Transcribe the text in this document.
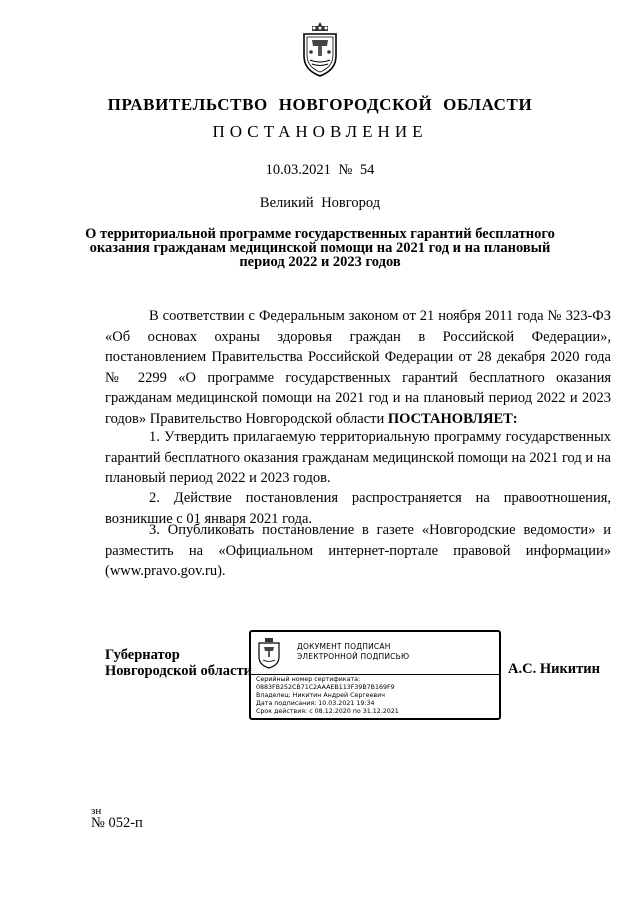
ПРАВИТЕЛЬСТВО НОВГОРОДСКОЙ ОБЛАСТИ
ПОСТАНОВЛЕНИЕ
10.03.2021 № 54
Великий Новгород
О территориальной программе государственных гарантий бесплатного
оказания гражданам медицинской помощи на 2021 год и на плановый
период 2022 и 2023 годов

В соответствии с Федеральным законом от 21 ноября 2011 года № 323-ФЗ «Об основах охраны здоровья граждан в Российской Федерации», постановлением Правительства Российской Федерации от 28 декабря 2020 года № 2299 «О программе государственных гарантий бесплатного оказания гражданам медицинской помощи на 2021 год и на плановый период 2022 и 2023 годов» Правительство Новгородской области ПОСТАНОВЛЯЕТ:

1. Утвердить прилагаемую территориальную программу государственных гарантий бесплатного оказания гражданам медицинской помощи на 2021 год и на плановый период 2022 и 2023 годов.

2. Действие постановления распространяется на правоотношения, возникшие с 01 января 2021 года.

3. Опубликовать постановление в газете «Новгородские ведомости» и разместить на «Официальном интернет-портале правовой информации» (www.pravo.gov.ru).

Губернатор
Новгородской области
ДОКУМЕНТ ПОДПИСАН
ЭЛЕКТРОННОЙ ПОДПИСЬЮ
Серийный номер сертификата:
0883FB252CB71C2AAAEB113F39B7B169F9
Владелец: Никитин Андрей Сергеевич
Дата подписания: 10.03.2021 19:34
Срок действия: с 08.12.2020 по 31.12.2021
А.С. Никитин
зн
№ 052-п
